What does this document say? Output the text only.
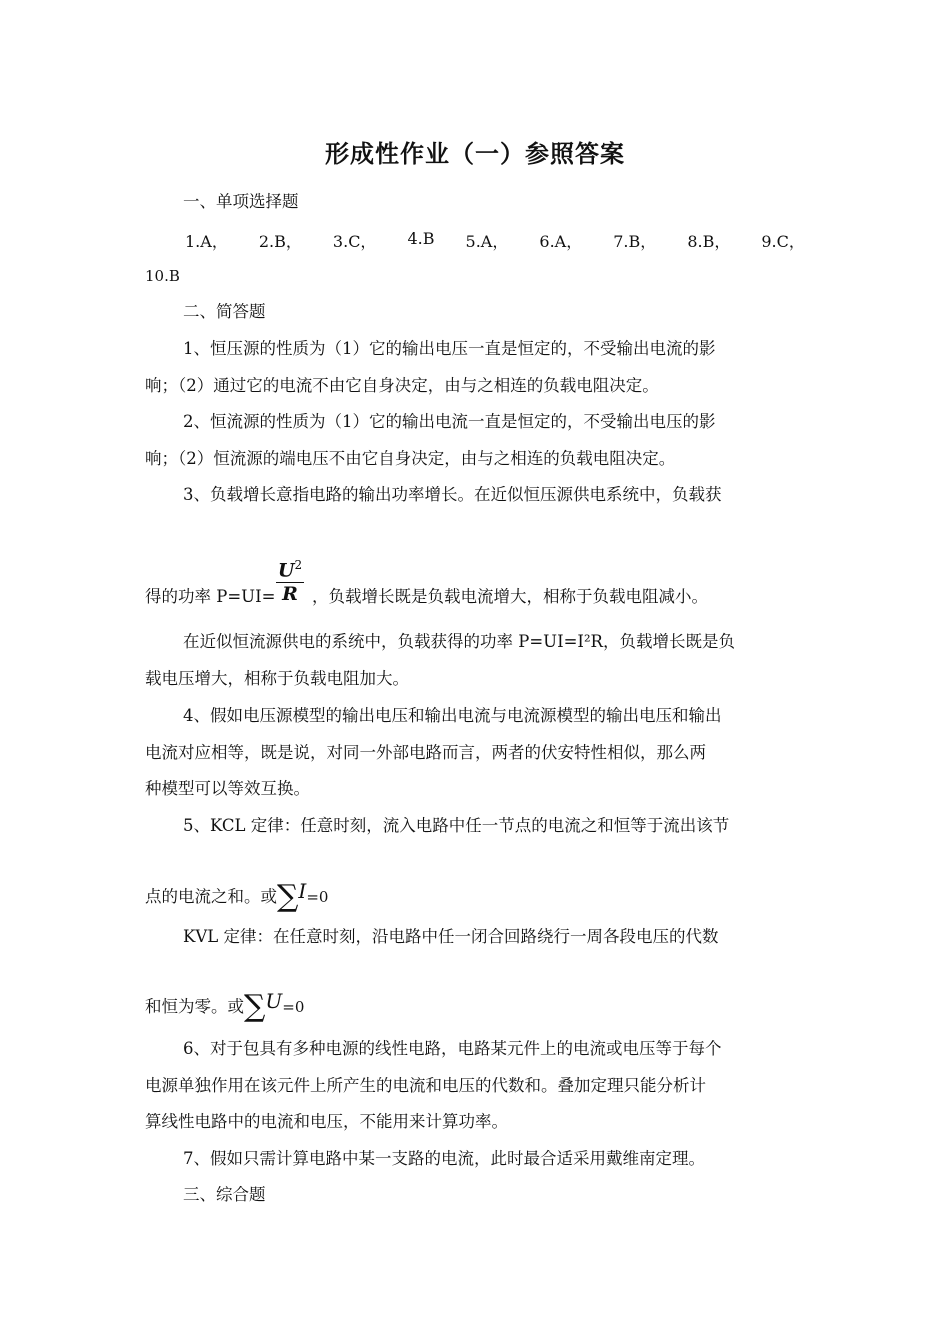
形成性作业（一）参照答案
一、单项选择题
1.A， 2.B， 3.C， 4.B 5.A， 6.A， 7.B， 8.B， 9.C，
10.B
二、简答题
1、恒压源的性质为（1）它的输出电压一直是恒定的，不受输出电流的影
响；（2）通过它的电流不由它自身决定，由与之相连的负载电阻决定。
2、恒流源的性质为（1）它的输出电流一直是恒定的，不受输出电压的影
响；（2）恒流源的端电压不由它自身决定，由与之相连的负载电阻决定。
3、负载增长意指电路的输出功率增长。在近似恒压源供电系统中，负载获
得的功率 P=UI=
$U^2$
R ，负载增长既是负载电流增大，相称于负载电阻减小。
在近似恒流源供电的系统中，负载获得的功率 P=UI=I²R，负载增长既是负
载电压增大，相称于负载电阻加大。
4、假如电压源模型的输出电压和输出电流与电流源模型的输出电压和输出
电流对应相等，既是说，对同一外部电路而言，两者的伏安特性相似，那么两
种模型可以等效互换。
5、KCL 定律：任意时刻，流入电路中任一节点的电流之和恒等于流出该节
点的电流之和。或∑I=0
KVL 定律：在任意时刻，沿电路中任一闭合回路绕行一周各段电压的代数
和恒为零。或∑U=0
6、对于包具有多种电源的线性电路，电路某元件上的电流或电压等于每个
电源单独作用在该元件上所产生的电流和电压的代数和。叠加定理只能分析计
算线性电路中的电流和电压，不能用来计算功率。
7、假如只需计算电路中某一支路的电流，此时最合适采用戴维南定理。
三、综合题
